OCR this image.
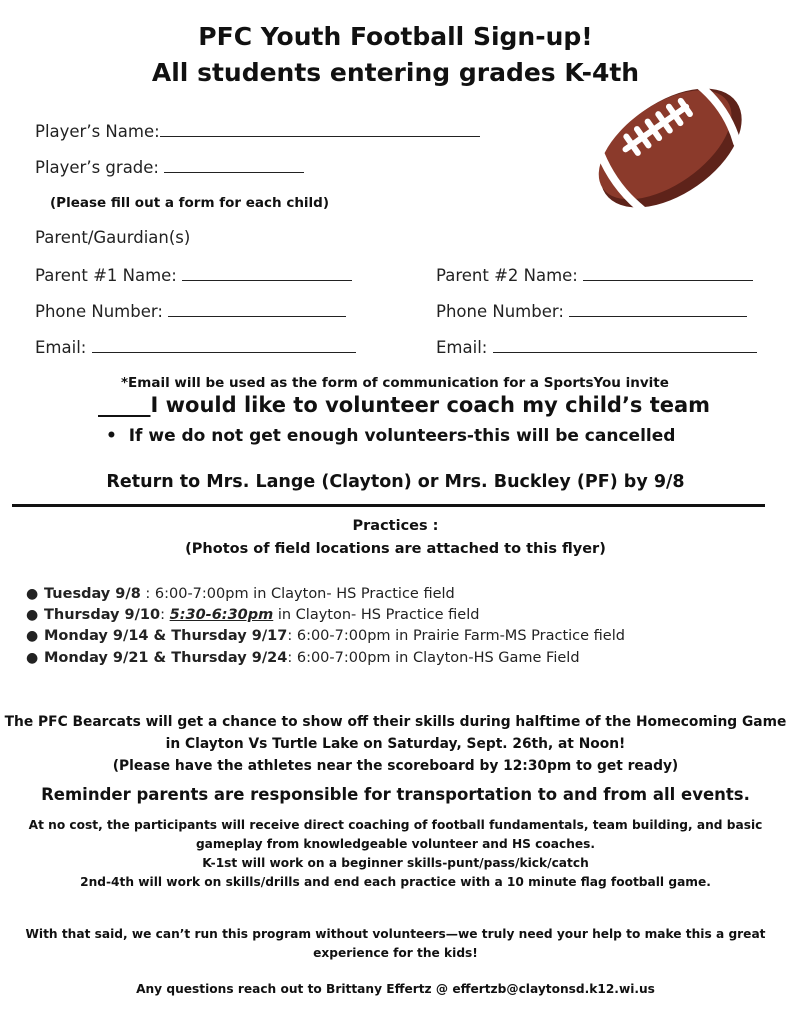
PFC Youth Football Sign-up!
All students entering grades K-4th
Player’s Name:
Player’s grade:
(Please fill out a form for each child)
Parent/Gaurdian(s)
Parent #1 Name:	Parent #2 Name:
Phone Number:	Phone Number:
Email:	Email:
*Email will be used as the form of communication for a SportsYou invite
_____I would like to volunteer coach my child’s team
• If we do not get enough volunteers-this will be cancelled
Return to Mrs. Lange (Clayton) or Mrs. Buckley (PF) by 9/8
Practices :
(Photos of field locations are attached to this flyer)
● Tuesday 9/8 : 6:00-7:00pm in Clayton- HS Practice field
● Thursday 9/10: 5:30-6:30pm in Clayton- HS Practice field
● Monday 9/14 & Thursday 9/17: 6:00-7:00pm in Prairie Farm-MS Practice field
● Monday 9/21 & Thursday 9/24: 6:00-7:00pm in Clayton-HS Game Field
The PFC Bearcats will get a chance to show off their skills during halftime of the Homecoming Game
in Clayton Vs Turtle Lake on Saturday, Sept. 26th, at Noon!
(Please have the athletes near the scoreboard by 12:30pm to get ready)
Reminder parents are responsible for transportation to and from all events.
At no cost, the participants will receive direct coaching of football fundamentals, team building, and basic
gameplay from knowledgeable volunteer and HS coaches.
K-1st will work on a beginner skills-punt/pass/kick/catch
2nd-4th will work on skills/drills and end each practice with a 10 minute flag football game.
With that said, we can’t run this program without volunteers—we truly need your help to make this a great
experience for the kids!
Any questions reach out to Brittany Effertz @ effertzb@claytonsd.k12.wi.us
